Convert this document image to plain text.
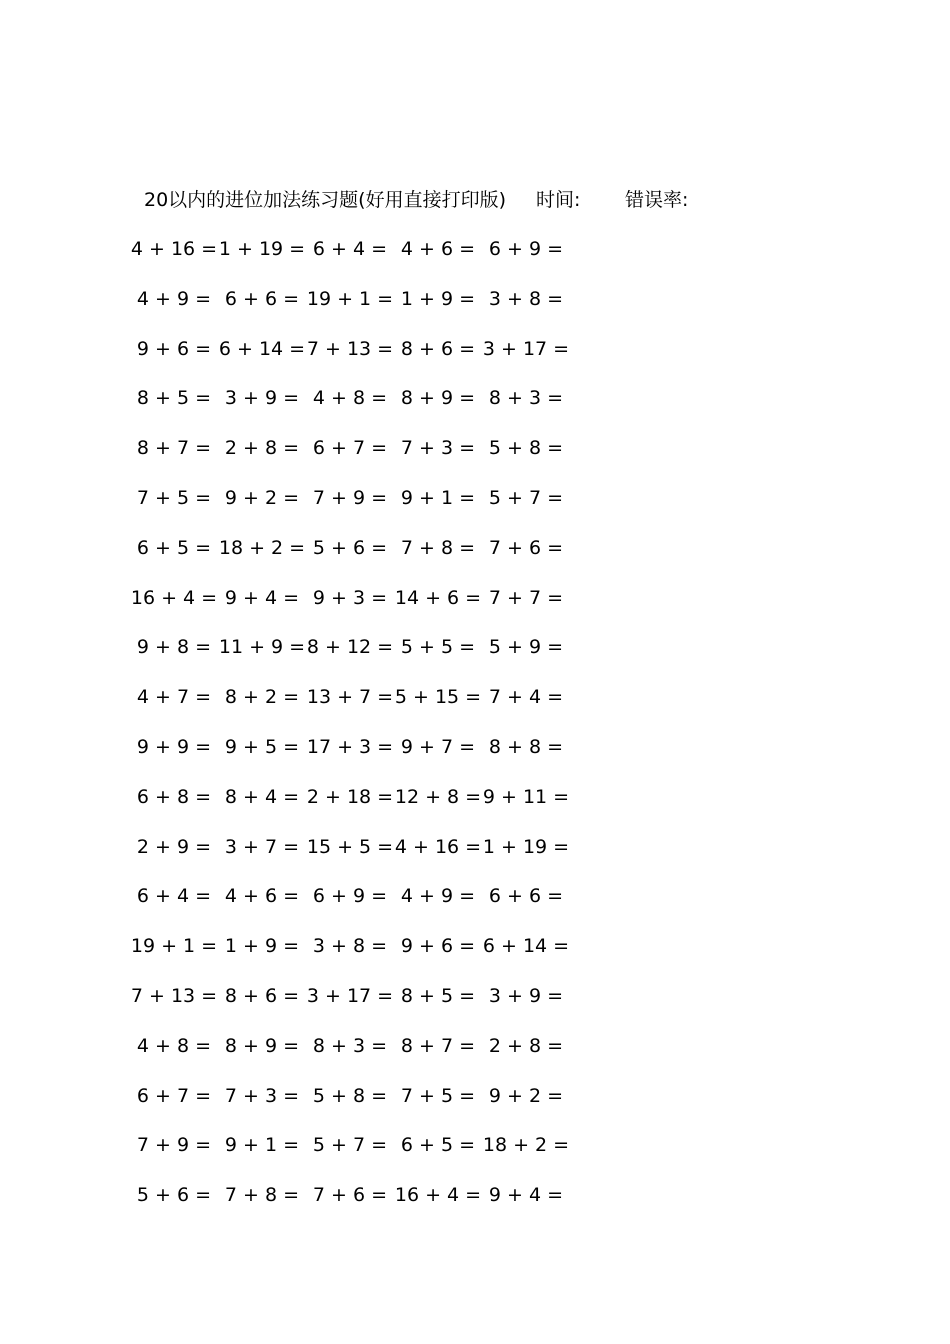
20以内的进位加法练习题(好用直接打印版) 时间: 错误率:
4 + 16 = 1 + 19 = 6 + 4 = 4 + 6 = 6 + 9 =
4 + 9 = 6 + 6 = 19 + 1 = 1 + 9 = 3 + 8 =
9 + 6 = 6 + 14 = 7 + 13 = 8 + 6 = 3 + 17 =
8 + 5 = 3 + 9 = 4 + 8 = 8 + 9 = 8 + 3 =
8 + 7 = 2 + 8 = 6 + 7 = 7 + 3 = 5 + 8 =
7 + 5 = 9 + 2 = 7 + 9 = 9 + 1 = 5 + 7 =
6 + 5 = 18 + 2 = 5 + 6 = 7 + 8 = 7 + 6 =
16 + 4 = 9 + 4 = 9 + 3 = 14 + 6 = 7 + 7 =
9 + 8 = 11 + 9 = 8 + 12 = 5 + 5 = 5 + 9 =
4 + 7 = 8 + 2 = 13 + 7 = 5 + 15 = 7 + 4 =
9 + 9 = 9 + 5 = 17 + 3 = 9 + 7 = 8 + 8 =
6 + 8 = 8 + 4 = 2 + 18 = 12 + 8 = 9 + 11 =
2 + 9 = 3 + 7 = 15 + 5 = 4 + 16 = 1 + 19 =
6 + 4 = 4 + 6 = 6 + 9 = 4 + 9 = 6 + 6 =
19 + 1 = 1 + 9 = 3 + 8 = 9 + 6 = 6 + 14 =
7 + 13 = 8 + 6 = 3 + 17 = 8 + 5 = 3 + 9 =
4 + 8 = 8 + 9 = 8 + 3 = 8 + 7 = 2 + 8 =
6 + 7 = 7 + 3 = 5 + 8 = 7 + 5 = 9 + 2 =
7 + 9 = 9 + 1 = 5 + 7 = 6 + 5 = 18 + 2 =
5 + 6 = 7 + 8 = 7 + 6 = 16 + 4 = 9 + 4 =
